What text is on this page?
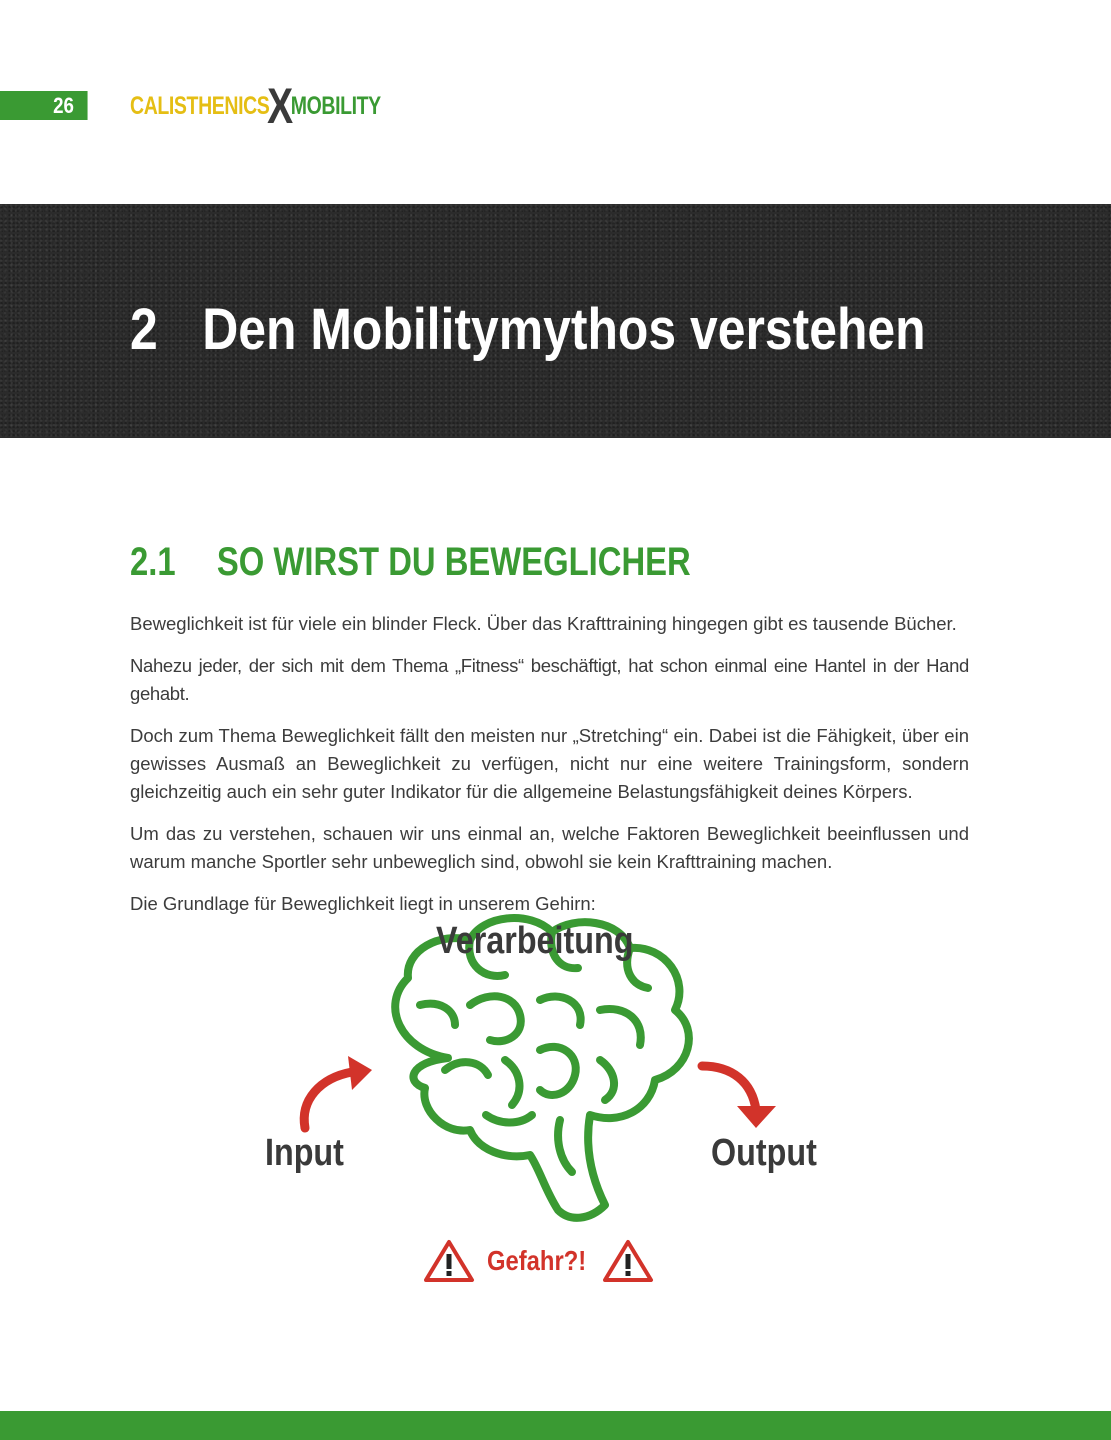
26	CALISTHENICS
X
MOBILITY
2 Den Mobilitymythos verstehen
2.1 SO WIRST DU BEWEGLICHER

Beweglichkeit ist für viele ein blinder Fleck. Über das Krafttraining hingegen gibt es tausende Bücher.

Nahezu jeder, der sich mit dem Thema „Fitness“ beschäftigt, hat schon einmal eine Hantel in der Hand gehabt.

Doch zum Thema Beweglichkeit fällt den meisten nur „Stretching“ ein. Dabei ist die Fähigkeit, über ein gewisses Ausmaß an Beweglichkeit zu verfügen, nicht nur eine weitere Trainingsform, sondern gleichzeitig auch ein sehr guter Indikator für die allgemeine Belastungsfähigkeit deines Körpers.

Um das zu verstehen, schauen wir uns einmal an, welche Faktoren Beweglichkeit beeinflussen und warum manche Sportler sehr unbeweglich sind, obwohl sie kein Krafttraining machen.

Die Grundlage für Beweglichkeit liegt in unserem Gehirn:

Verarbeitung
Input	Output
Gefahr?!
